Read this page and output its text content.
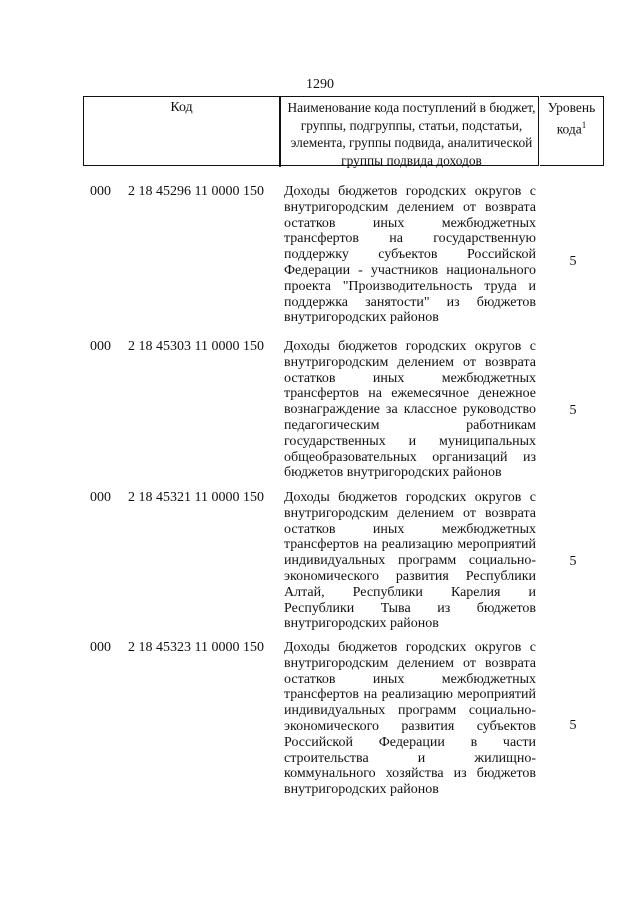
1290
Код	Наименование кода поступлений в бюджет, группы, подгруппы, статьи, подстатьи, элемента, группы подвида, аналитической группы подвида доходов
Уровень кода$^1$
000 2 18 45296 11 0000 150 Доходы бюджетов городских округов с внутригородским делением от возврата остатков иных межбюджетных трансфертов на государственную поддержку субъектов Российской Федерации - участников национального проекта "Производительность труда и поддержка занятости" из бюджетов внутригородских районов
5
000 2 18 45303 11 0000 150 Доходы бюджетов городских округов с внутригородским делением от возврата остатков иных межбюджетных трансфертов на ежемесячное денежное вознаграждение за классное руководство педагогическим работникам государственных и муниципальных общеобразовательных организаций из бюджетов внутригородских районов
5
000 2 18 45321 11 0000 150 Доходы бюджетов городских округов с внутригородским делением от возврата остатков иных межбюджетных трансфертов на реализацию мероприятий индивидуальных программ социально-экономического развития Республики Алтай, Республики Карелия и Республики Тыва из бюджетов внутригородских районов
5
000 2 18 45323 11 0000 150 Доходы бюджетов городских округов с внутригородским делением от возврата остатков иных межбюджетных трансфертов на реализацию мероприятий индивидуальных программ социально-экономического развития субъектов Российской Федерации в части строительства и жилищно-коммунального хозяйства из бюджетов внутригородских районов
5
